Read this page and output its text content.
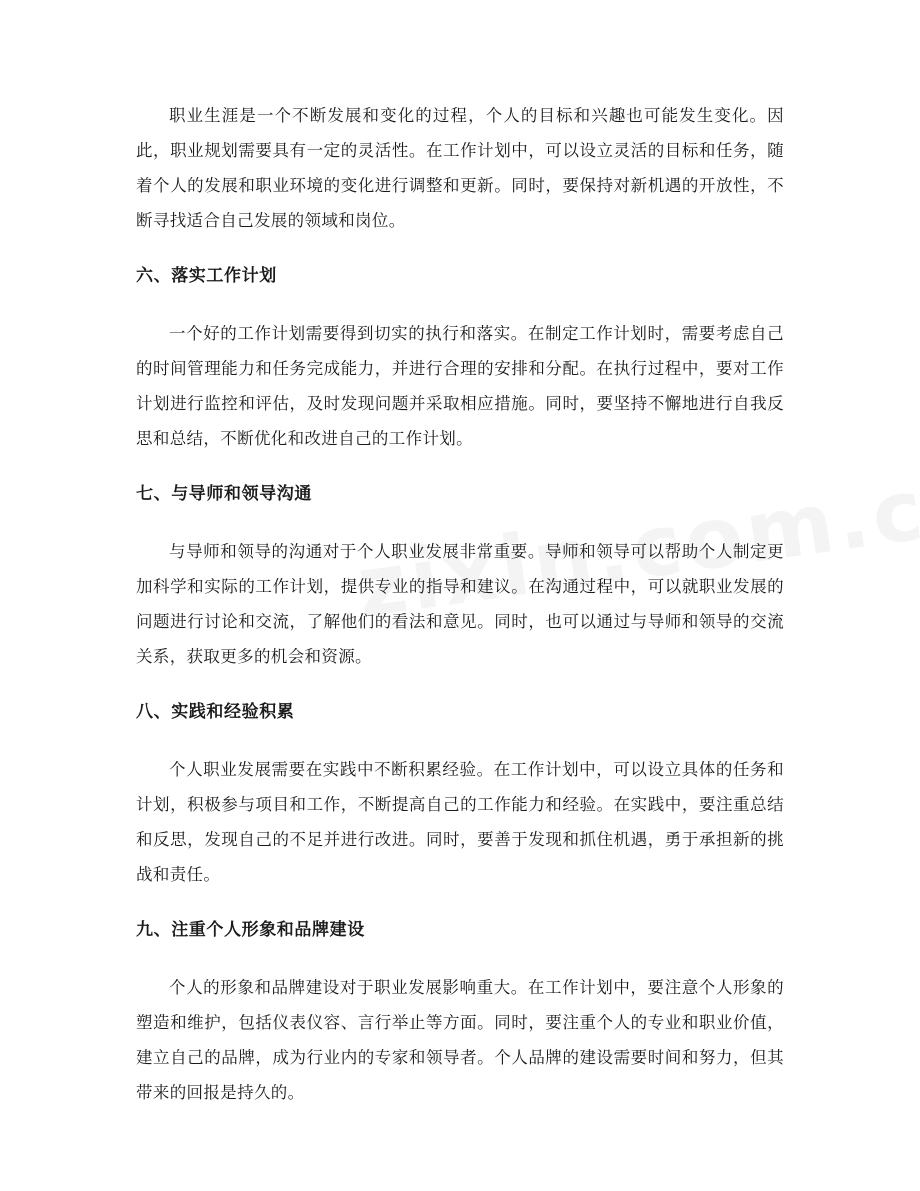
职业生涯是一个不断发展和变化的过程，个人的目标和兴趣也可能发生变化。因此，职业规划需要具有一定的灵活性。在工作计划中，可以设立灵活的目标和任务，随着个人的发展和职业环境的变化进行调整和更新。同时，要保持对新机遇的开放性，不断寻找适合自己发展的领域和岗位。

六、落实工作计划

一个好的工作计划需要得到切实的执行和落实。在制定工作计划时，需要考虑自己的时间管理能力和任务完成能力，并进行合理的安排和分配。在执行过程中，要对工作计划进行监控和评估，及时发现问题并采取相应措施。同时，要坚持不懈地进行自我反思和总结，不断优化和改进自己的工作计划。

七、与导师和领导沟通

与导师和领导的沟通对于个人职业发展非常重要。导师和领导可以帮助个人制定更加科学和实际的工作计划，提供专业的指导和建议。在沟通过程中，可以就职业发展的问题进行讨论和交流，了解他们的看法和意见。同时，也可以通过与导师和领导的交流关系，获取更多的机会和资源。

八、实践和经验积累

个人职业发展需要在实践中不断积累经验。在工作计划中，可以设立具体的任务和计划，积极参与项目和工作，不断提高自己的工作能力和经验。在实践中，要注重总结和反思，发现自己的不足并进行改进。同时，要善于发现和抓住机遇，勇于承担新的挑战和责任。

九、注重个人形象和品牌建设

个人的形象和品牌建设对于职业发展影响重大。在工作计划中，要注意个人形象的塑造和维护，包括仪表仪容、言行举止等方面。同时，要注重个人的专业和职业价值，建立自己的品牌，成为行业内的专家和领导者。个人品牌的建设需要时间和努力，但其带来的回报是持久的。
